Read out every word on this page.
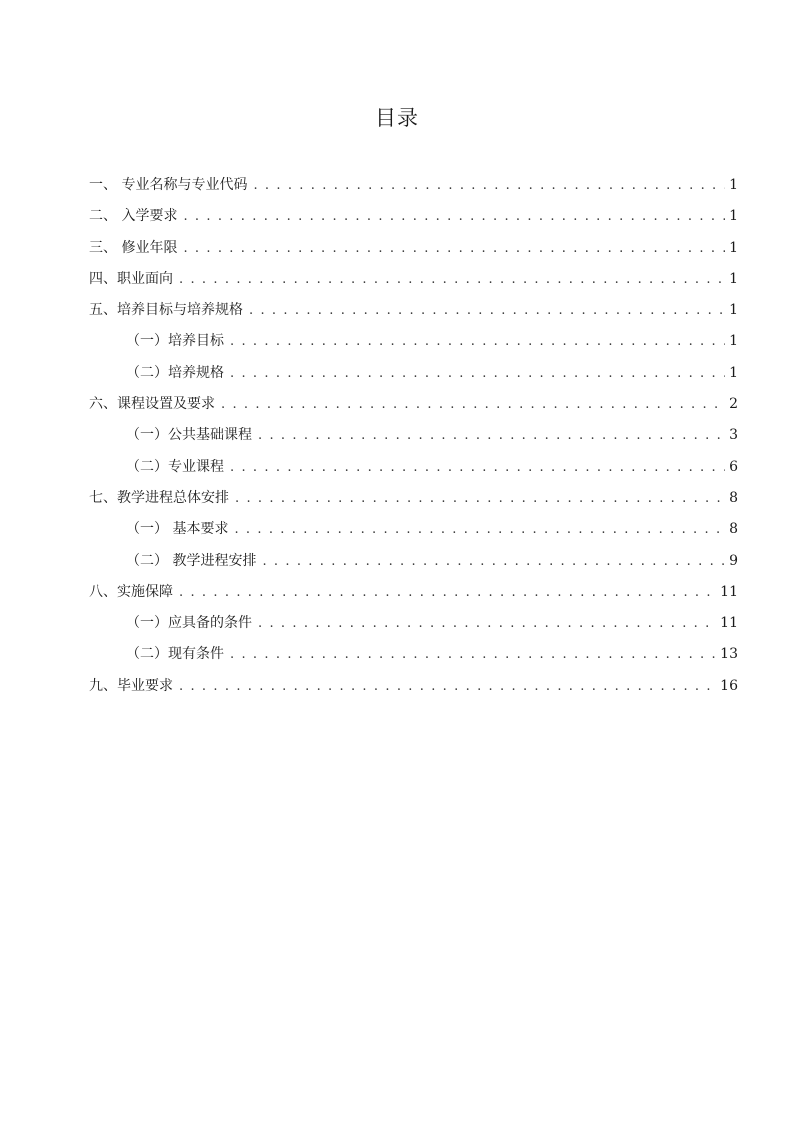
目录
一、 专业名称与专业代码 . . .	1
二、 入学要求 . . .	1
三、 修业年限 . . .	1
四、职业面向 . . .	1
五、培养目标与培养规格 . . .	1
（一）培养目标 . . .	1
（二）培养规格 . . .	1
六、课程设置及要求 . . .	2
（一）公共基础课程 . . .	3
（二）专业课程 . . .	6
七、教学进程总体安排 . . .	8
（一） 基本要求 . . .	8
（二） 教学进程安排 . . .	9
八、实施保障 . . .	11
（一）应具备的条件 . . .	11
（二）现有条件 . . .	13
九、毕业要求 . . .	16
